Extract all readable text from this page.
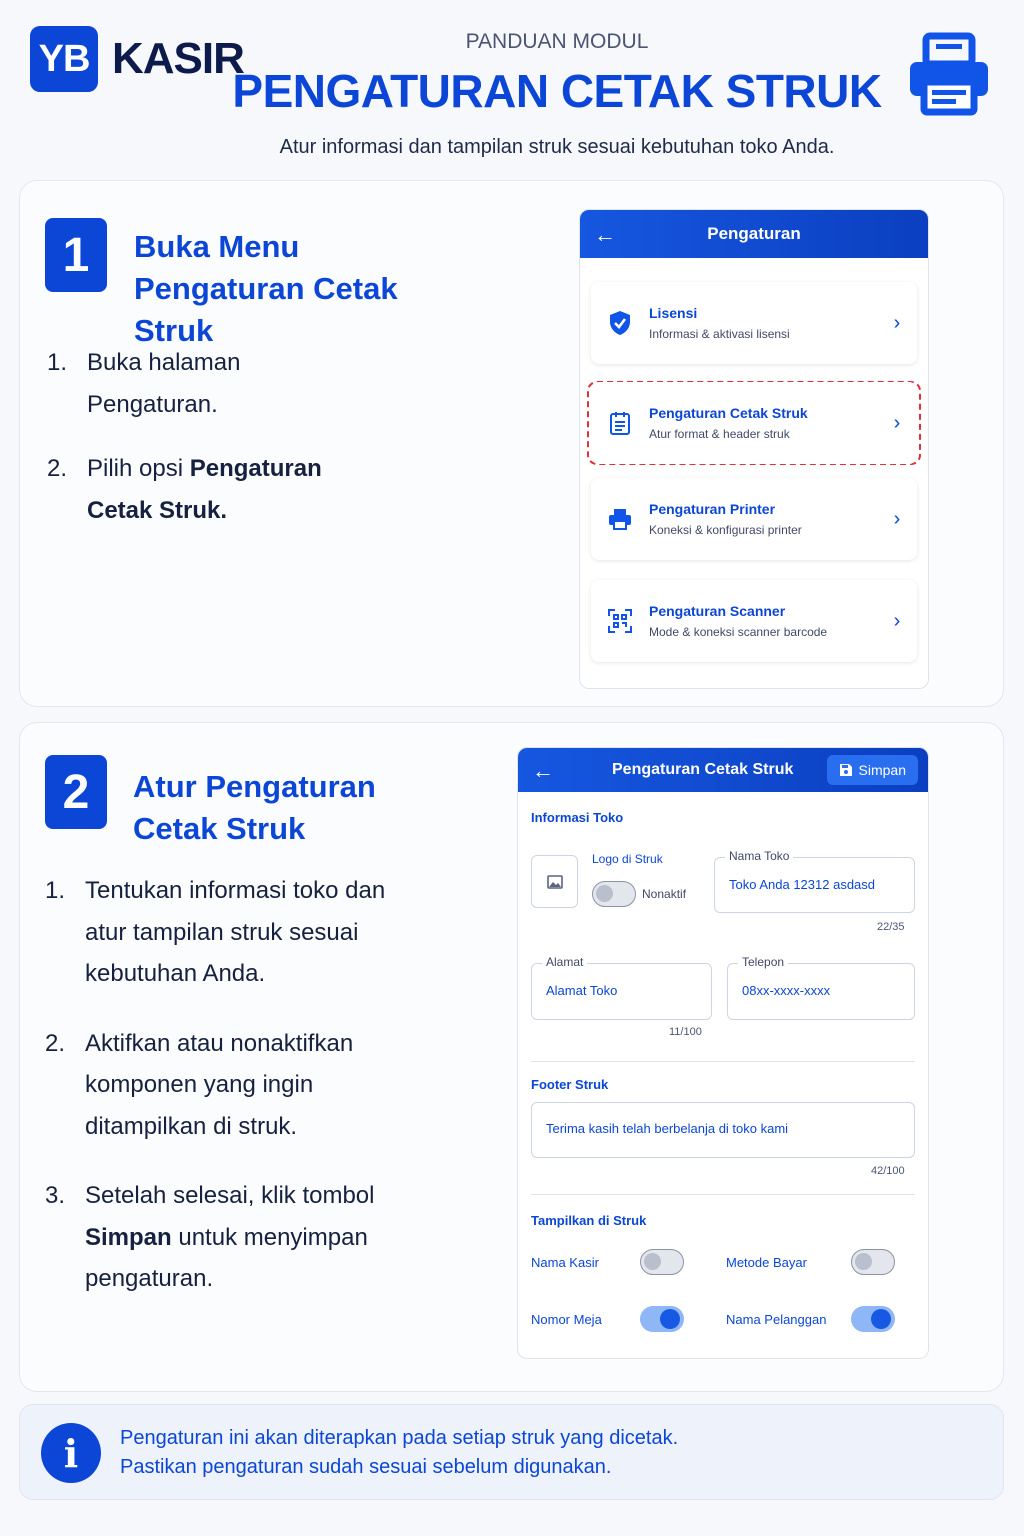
YB KASIR	PANDUAN MODUL
PENGATURAN CETAK STRUK
Atur informasi dan tampilan struk sesuai kebutuhan toko Anda.
1	Buka Menu Pengaturan Cetak Struk
1. Buka halaman Pengaturan.
2. Pilih opsi Pengaturan Cetak Struk.
←	Pengaturan
Lisensi
Informasi & aktivasi lisensi
›
Pengaturan Cetak Struk
Atur format & header struk
›
Pengaturan Printer
Koneksi & konfigurasi printer
›
Pengaturan Scanner
Mode & koneksi scanner barcode
›
2	Atur Pengaturan Cetak Struk
1. Tentukan informasi toko dan atur tampilan struk sesuai kebutuhan Anda.
2. Aktifkan atau nonaktifkan komponen yang ingin ditampilkan di struk.
3. Setelah selesai, klik tombol Simpan untuk menyimpan pengaturan.
←	Pengaturan Cetak Struk	Simpan
Informasi Toko
Logo di Struk
Nonaktif
Nama Toko
Toko Anda 12312 asdasd
22/35
Alamat
Alamat Toko
11/100
Telepon
08xx-xxxx-xxxx
Footer Struk
Terima kasih telah berbelanja di toko kami
42/100
Tampilkan di Struk
Nama Kasir	Metode Bayar
Nomor Meja	Nama Pelanggan
i	Pengaturan ini akan diterapkan pada setiap struk yang dicetak.
Pastikan pengaturan sudah sesuai sebelum digunakan.
